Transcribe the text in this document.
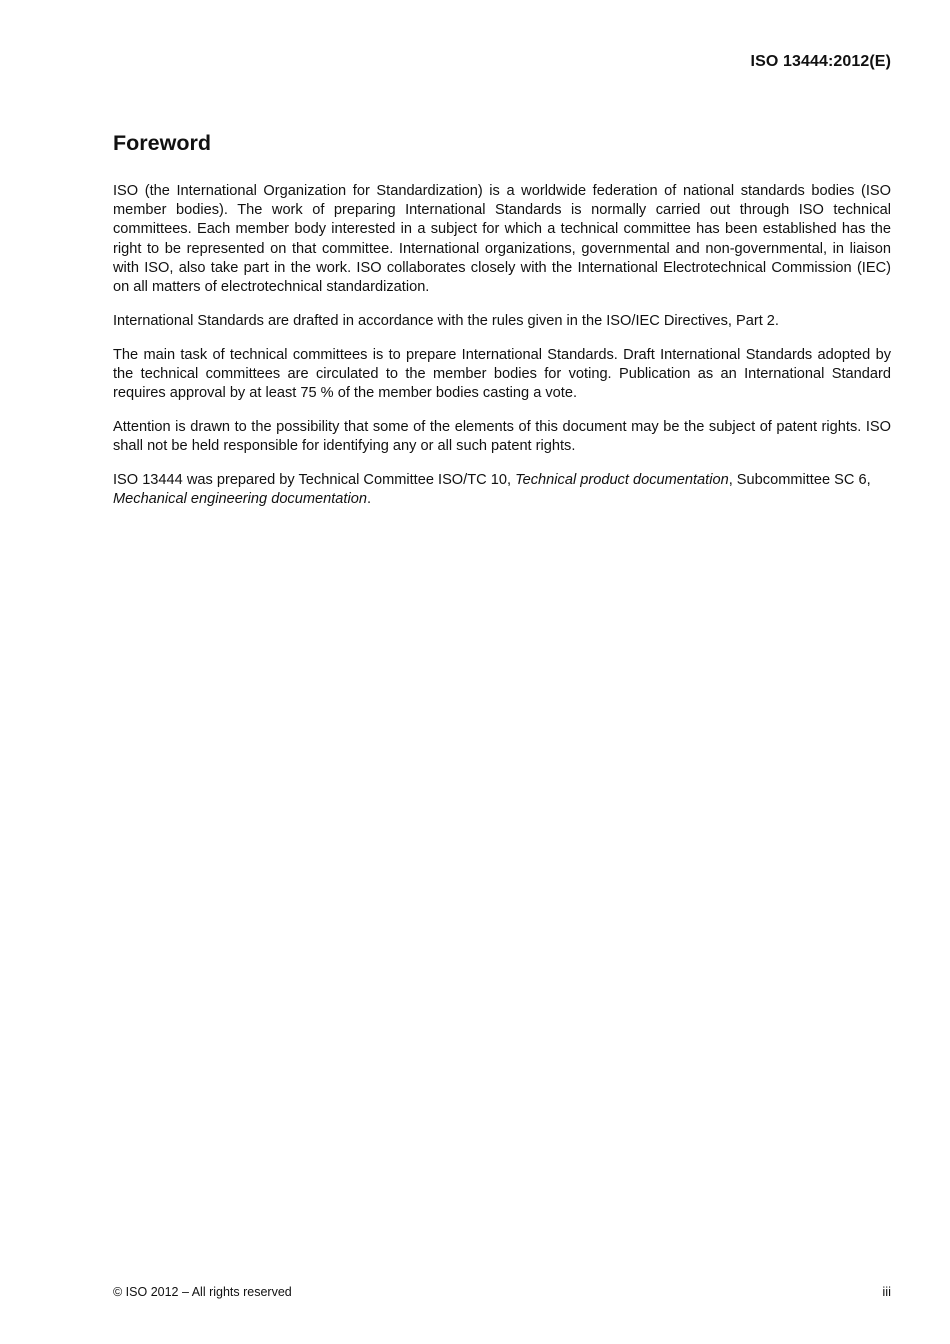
ISO 13444:2012(E)
Foreword

ISO (the International Organization for Standardization) is a worldwide federation of national standards bodies (ISO member bodies). The work of preparing International Standards is normally carried out through ISO technical committees. Each member body interested in a subject for which a technical committee has been established has the right to be represented on that committee. International organizations, governmental and non-governmental, in liaison with ISO, also take part in the work. ISO collaborates closely with the International Electrotechnical Commission (IEC) on all matters of electrotechnical standardization.

International Standards are drafted in accordance with the rules given in the ISO/IEC Directives, Part 2.

The main task of technical committees is to prepare International Standards. Draft International Standards adopted by the technical committees are circulated to the member bodies for voting. Publication as an International Standard requires approval by at least 75 % of the member bodies casting a vote.

Attention is drawn to the possibility that some of the elements of this document may be the subject of patent rights. ISO shall not be held responsible for identifying any or all such patent rights.

ISO 13444 was prepared by Technical Committee ISO/TC 10, Technical product documentation, Subcommittee SC 6, Mechanical engineering documentation.

© ISO 2012 – All rights reserved	iii
